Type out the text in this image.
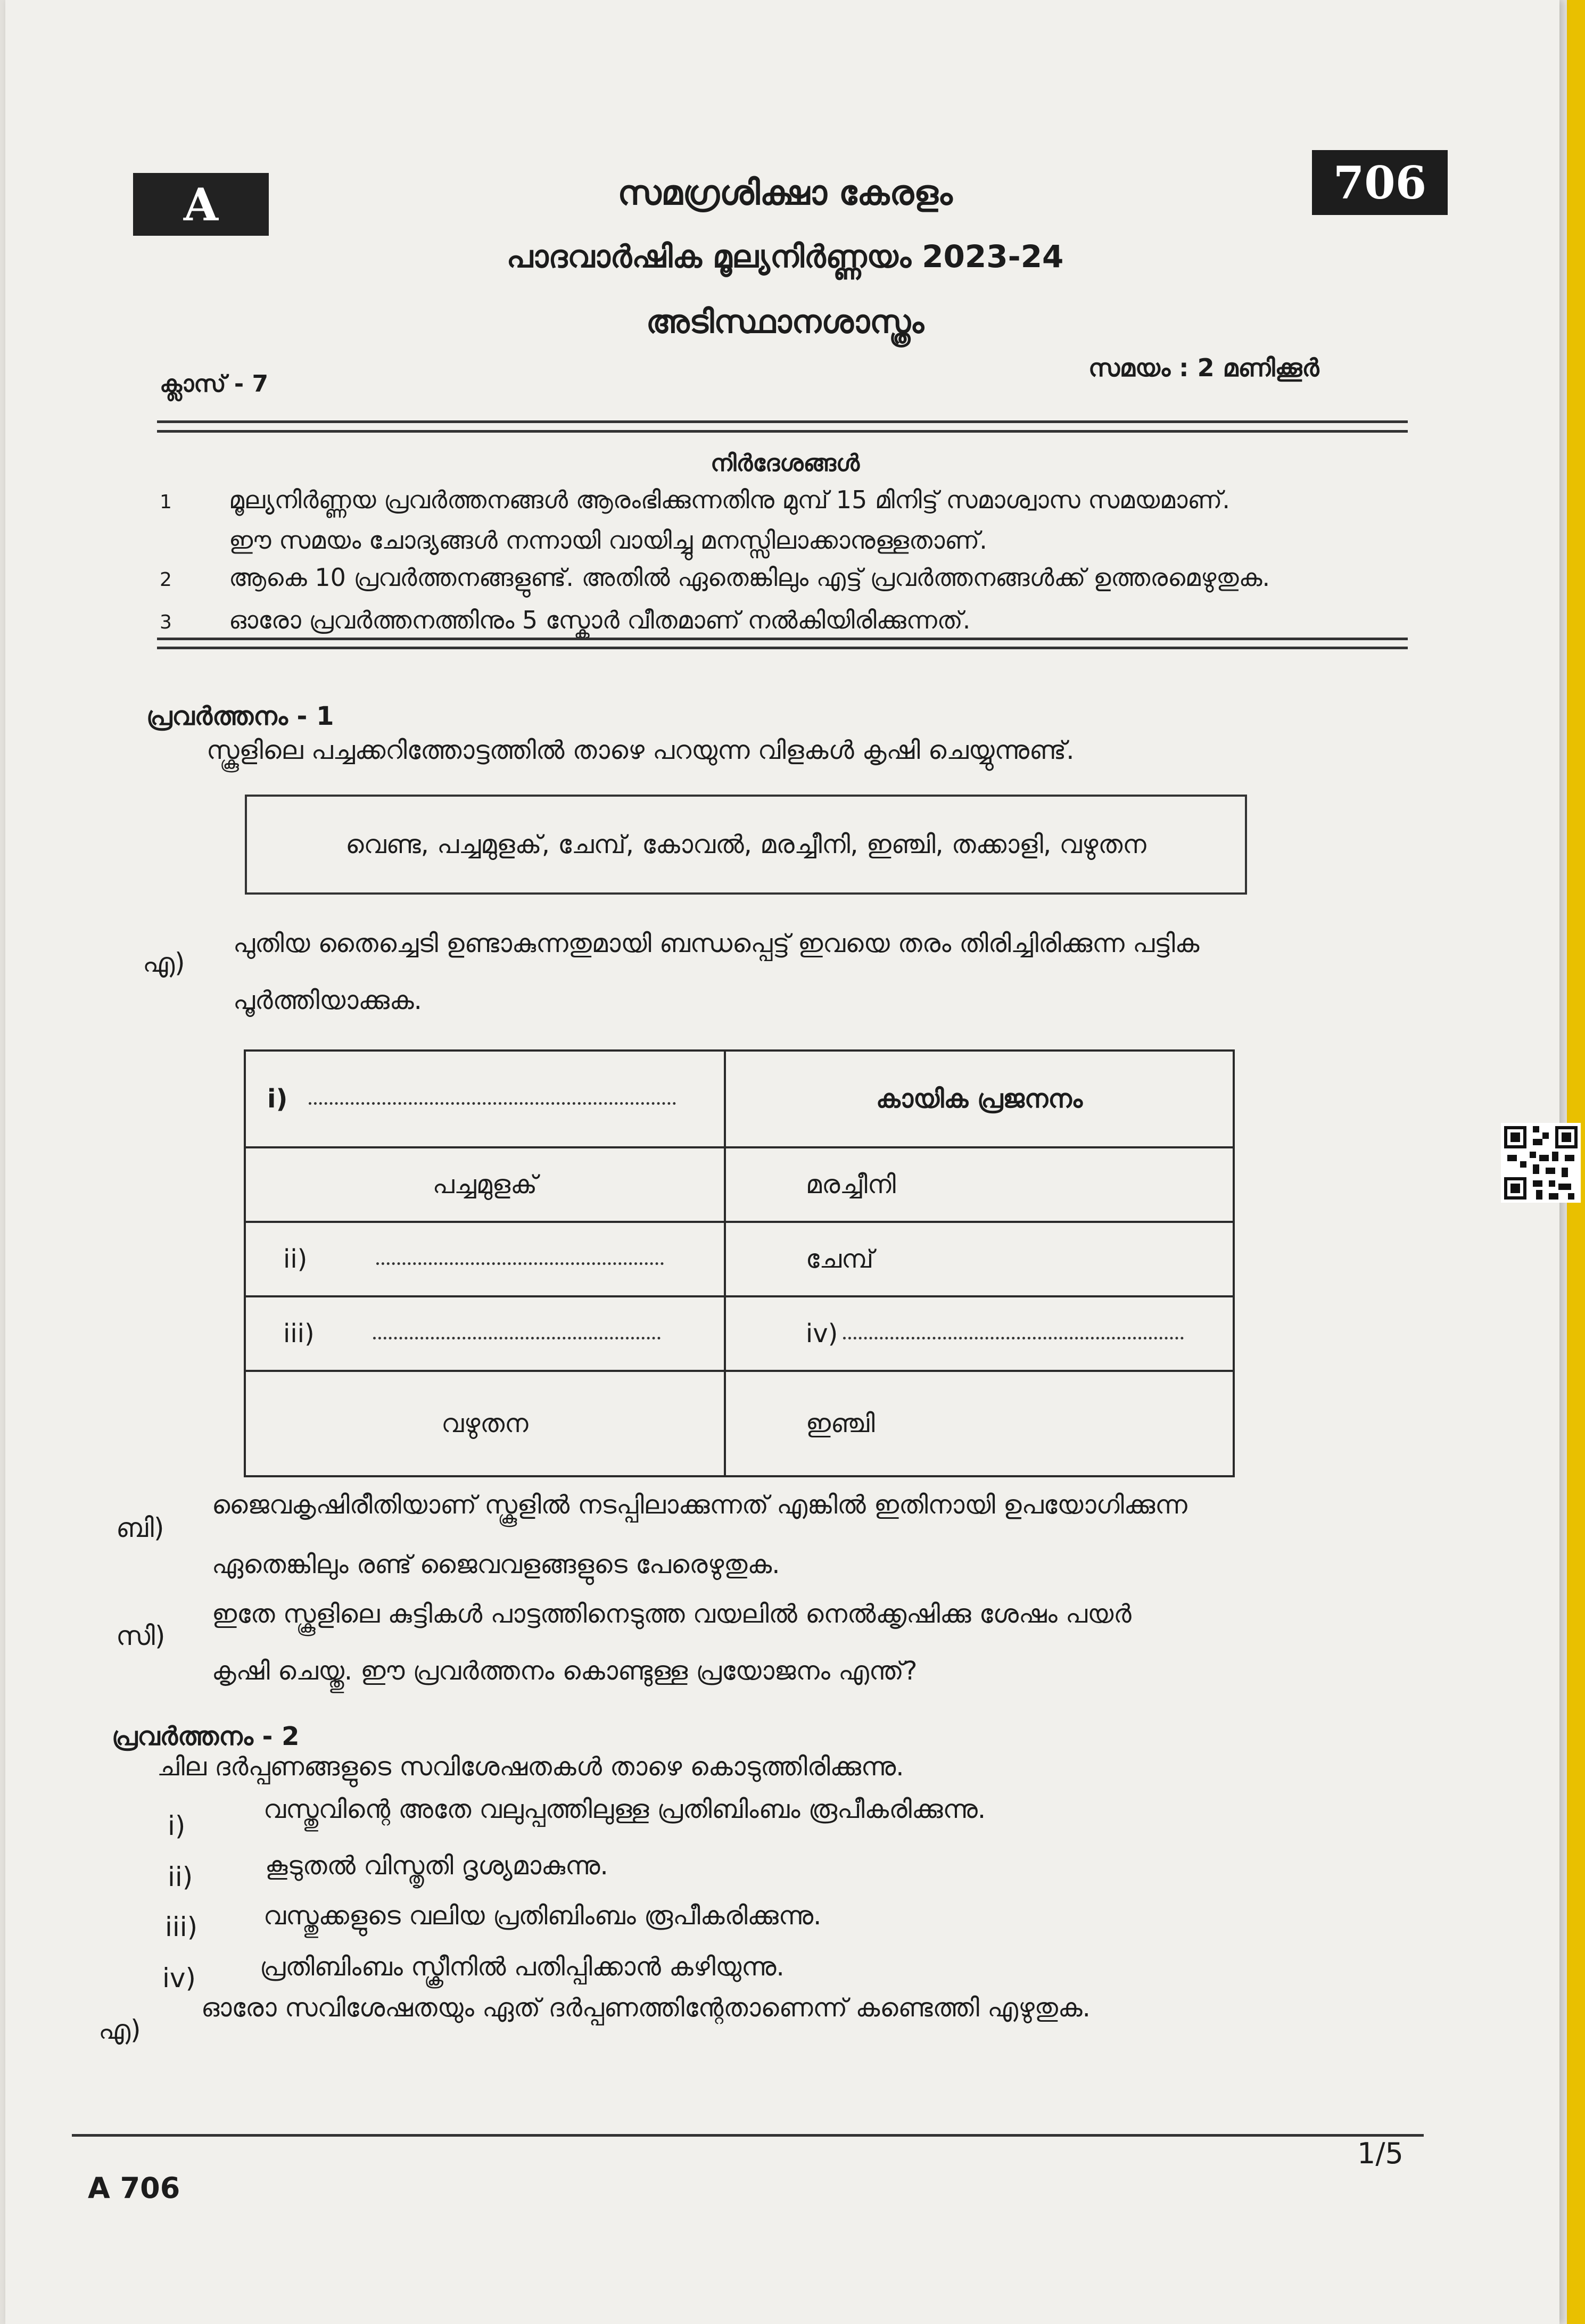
A	706
സമഗ്രശിക്ഷാ കേരളം
പാദവാർഷിക മൂല്യനിർണ്ണയം 2023-24
അടിസ്ഥാനശാസ്ത്രം
ക്ലാസ് - 7
സമയം : 2 മണിക്കൂർ
നിർദേശങ്ങൾ
1 മൂല്യനിർണ്ണയ പ്രവർത്തനങ്ങൾ ആരംഭിക്കുന്നതിനു മുമ്പ് 15 മിനിട്ട് സമാശ്വാസ സമയമാണ്.
ഈ സമയം ചോദ്യങ്ങൾ നന്നായി വായിച്ചു മനസ്സിലാക്കാനുള്ളതാണ്.
2 ആകെ 10 പ്രവർത്തനങ്ങളുണ്ട്. അതിൽ ഏതെങ്കിലും എട്ട് പ്രവർത്തനങ്ങൾക്ക് ഉത്തരമെഴുതുക.
3 ഓരോ പ്രവർത്തനത്തിനും 5 സ്കോർ വീതമാണ് നൽകിയിരിക്കുന്നത്.
പ്രവർത്തനം - 1
സ്കൂളിലെ പച്ചക്കറിത്തോട്ടത്തിൽ താഴെ പറയുന്ന വിളകൾ കൃഷി ചെയ്യുന്നുണ്ട്.
വെണ്ട, പച്ചമുളക്, ചേമ്പ്, കോവൽ, മരച്ചീനി, ഇഞ്ചി, തക്കാളി, വഴുതന
എ)
പുതിയ തൈച്ചെടി ഉണ്ടാകുന്നതുമായി ബന്ധപ്പെട്ട് ഇവയെ തരം തിരിച്ചിരിക്കുന്ന പട്ടിക
പൂർത്തിയാക്കുക.
i)	കായിക പ്രജനനം
പച്ചമുളക്	മരച്ചീനി
ii)	ചേമ്പ്
iii)	iv)
വഴുതന	ഇഞ്ചി
ബി)
ജൈവകൃഷിരീതിയാണ് സ്കൂളിൽ നടപ്പിലാക്കുന്നത് എങ്കിൽ ഇതിനായി ഉപയോഗിക്കുന്ന
ഏതെങ്കിലും രണ്ട് ജൈവവളങ്ങളുടെ പേരെഴുതുക.
സി)
ഇതേ സ്കൂളിലെ കുട്ടികൾ പാട്ടത്തിനെടുത്ത വയലിൽ നെൽക്കൃഷിക്കു ശേഷം പയർ
കൃഷി ചെയ്തു. ഈ പ്രവർത്തനം കൊണ്ടുള്ള പ്രയോജനം എന്ത്?
പ്രവർത്തനം - 2
ചില ദർപ്പണങ്ങളുടെ സവിശേഷതകൾ താഴെ കൊടുത്തിരിക്കുന്നു.
i)
വസ്തുവിന്റെ അതേ വലുപ്പത്തിലുള്ള പ്രതിബിംബം രൂപീകരിക്കുന്നു.
ii)	കൂടുതൽ വിസ്തൃതി ദൃശ്യമാകുന്നു.
iii)	വസ്തുക്കളുടെ വലിയ പ്രതിബിംബം രൂപീകരിക്കുന്നു.
iv)	പ്രതിബിംബം സ്ക്രീനിൽ പതിപ്പിക്കാൻ കഴിയുന്നു.
എ)
ഓരോ സവിശേഷതയും ഏത് ദർപ്പണത്തിന്റേതാണെന്ന് കണ്ടെത്തി എഴുതുക.
A 706
1/5
